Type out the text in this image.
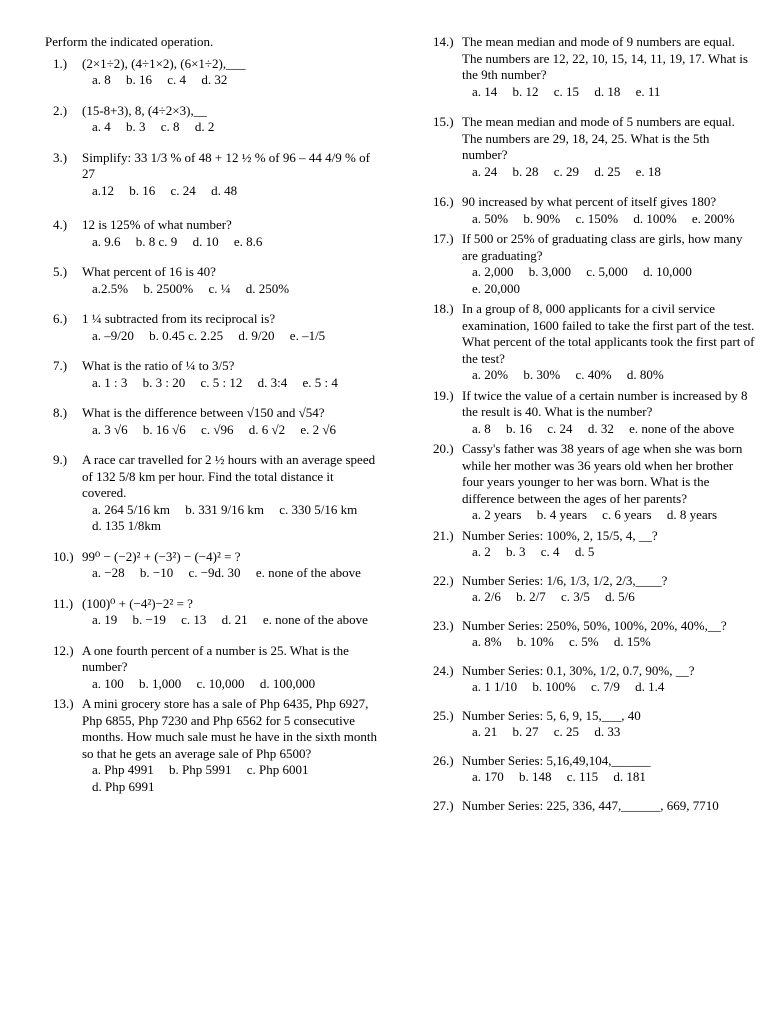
Perform the indicated operation.
1.) (2×1÷2), (4÷1×2), (6×1÷2),___
a. 8 b. 16 c. 4 d. 32
2.) (15-8+3), 8, (4÷2×3),__
a. 4 b. 3 c. 8 d. 2
3.) Simplify: 33 1/3 % of 48 + 12 ½ % of 96 – 44 4/9 % of 27
a.12 b. 16 c. 24 d. 48
4.) 12 is 125% of what number?
a. 9.6 b. 8 c. 9 d. 10 e. 8.6
5.) What percent of 16 is 40?
a.2.5% b. 2500% c. ¼ d. 250%
6.) 1 ¼ subtracted from its reciprocal is?
a. –9/20 b. 0.45 c. 2.25 d. 9/20 e. –1/5
7.) What is the ratio of ¼ to 3/5?
a. 1 : 3 b. 3 : 20 c. 5 : 12 d. 3:4 e. 5 : 4
8.) What is the difference between √150 and √54?
a. 3 √6 b. 16 √6 c. √96 d. 6 √2 e. 2 √6
9.) A race car travelled for 2 ½ hours with an average speed of 132 5/8 km per hour. Find the total distance it covered.
a. 264 5/16 km b. 331 9/16 km c. 330 5/16 km d. 135 1/8km
10.) 99⁰ − (−2)² + (−3²) − (−4)² = ?
a. −28 b. −10 c. −9d. 30 e. none of the above
11.) (100)⁰ + (−4²)−2² = ?
a. 19 b. −19 c. 13 d. 21 e. none of the above
12.) A one fourth percent of a number is 25. What is the number?
a. 100 b. 1,000 c. 10,000 d. 100,000
13.) A mini grocery store has a sale of Php 6435, Php 6927, Php 6855, Php 7230 and Php 6562 for 5 consecutive months. How much sale must he have in the sixth month so that he gets an average sale of Php 6500?
a. Php 4991 b. Php 5991 c. Php 6001 d. Php 6991
14.) The mean median and mode of 9 numbers are equal. The numbers are 12, 22, 10, 15, 14, 11, 19, 17. What is the 9th number?
a. 14 b. 12 c. 15 d. 18 e. 11
15.) The mean median and mode of 5 numbers are equal. The numbers are 29, 18, 24, 25. What is the 5th number?
a. 24 b. 28 c. 29 d. 25 e. 18
16.) 90 increased by what percent of itself gives 180?
a. 50% b. 90% c. 150% d. 100% e. 200%
17.) If 500 or 25% of graduating class are girls, how many are graduating?
a. 2,000 b. 3,000 c. 5,000 d. 10,000 e. 20,000
18.) In a group of 8, 000 applicants for a civil service examination, 1600 failed to take the first part of the test. What percent of the total applicants took the first part of the test?
a. 20% b. 30% c. 40% d. 80%
19.) If twice the value of a certain number is increased by 8 the result is 40. What is the number?
a. 8 b. 16 c. 24 d. 32 e. none of the above
20.) Cassy's father was 38 years of age when she was born while her mother was 36 years old when her brother four years younger to her was born. What is the difference between the ages of her parents?
a. 2 years b. 4 years c. 6 years d. 8 years
21.) Number Series: 100%, 2, 15/5, 4, __?
a. 2 b. 3 c. 4 d. 5
22.) Number Series: 1/6, 1/3, 1/2, 2/3,____?
a. 2/6 b. 2/7 c. 3/5 d. 5/6
23.) Number Series: 250%, 50%, 100%, 20%, 40%,__?
a. 8% b. 10% c. 5% d. 15%
24.) Number Series: 0.1, 30%, 1/2, 0.7, 90%, __?
a. 1 1/10 b. 100% c. 7/9 d. 1.4
25.) Number Series: 5, 6, 9, 15,___, 40
a. 21 b. 27 c. 25 d. 33
26.) Number Series: 5,16,49,104,______
a. 170 b. 148 c. 115 d. 181
27.) Number Series: 225, 336, 447,______, 669, 7710
